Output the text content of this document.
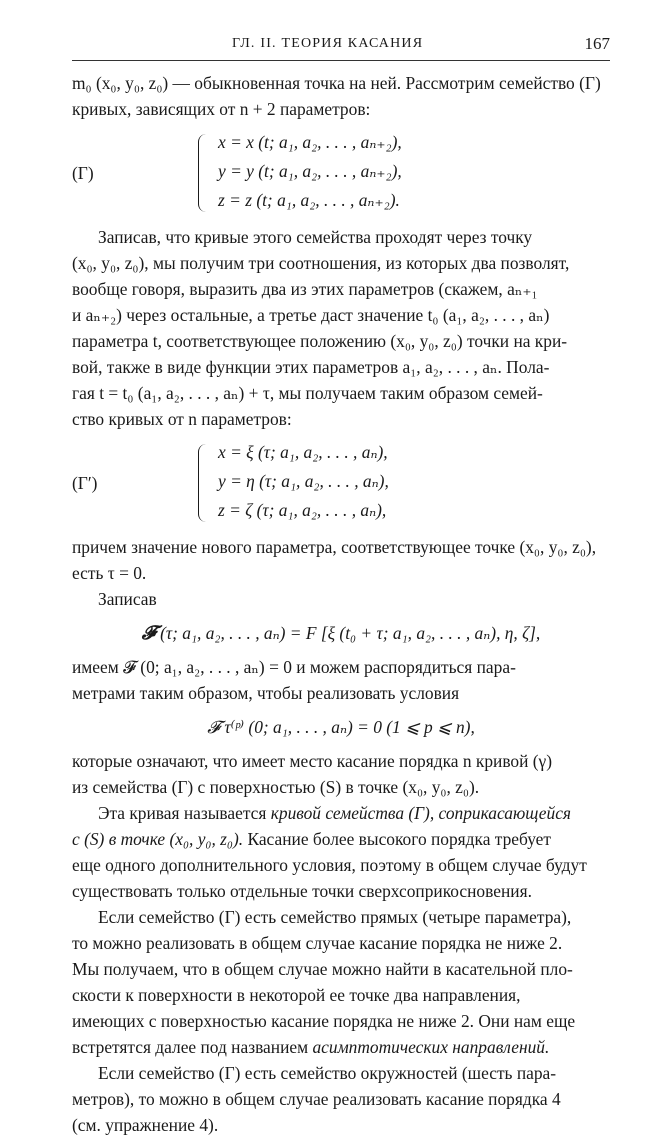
ГЛ. II. ТЕОРИЯ КАСАНИЯ	167

m₀ (x₀, y₀, z₀) — обыкновенная точка на ней. Рассмотрим семейство (Γ)
кривых, зависящих от n + 2 параметров:

(Γ)
x = x (t; a₁, a₂, . . . , aₙ₊₂),
y = y (t; a₁, a₂, . . . , aₙ₊₂),
z = z (t; a₁, a₂, . . . , aₙ₊₂).

Записав, что кривые этого семейства проходят через точку
(x₀, y₀, z₀), мы получим три соотношения, из которых два позволят,
вообще говоря, выразить два из этих параметров (скажем, aₙ₊₁
и aₙ₊₂) через остальные, а третье даст значение t₀ (a₁, a₂, . . . , aₙ)
параметра t, соответствующее положению (x₀, y₀, z₀) точки на кри-
вой, также в виде функции этих параметров a₁, a₂, . . . , aₙ. Пола-
гая t = t₀ (a₁, a₂, . . . , aₙ) + τ, мы получаем таким образом семей-
ство кривых от n параметров:

(Γ′)
x = ξ (τ; a₁, a₂, . . . , aₙ),
y = η (τ; a₁, a₂, . . . , aₙ),
z = ζ (τ; a₁, a₂, . . . , aₙ),

причем значение нового параметра, соответствующее точке (x₀, y₀, z₀),
есть τ = 0.

Записав

𝓕 (τ; a₁, a₂, . . . , aₙ) = F [ξ (t₀ + τ; a₁, a₂, . . . , aₙ), η, ζ],

имеем 𝓕 (0; a₁, a₂, . . . , aₙ) = 0 и можем распорядиться пара-
метрами таким образом, чтобы реализовать условия

𝓕 τ⁽ᵖ⁾ (0; a₁, . . . , aₙ) = 0 (1 ⩽ p ⩽ n),

которые означают, что имеет место касание порядка n кривой (γ)
из семейства (Γ) с поверхностью (S) в точке (x₀, y₀, z₀).

Эта кривая называется кривой семейства (Γ), соприкасающейся
с (S) в точке (x₀, y₀, z₀). Касание более высокого порядка требует
еще одного дополнительного условия, поэтому в общем случае будут
существовать только отдельные точки сверхсоприкосновения.

Если семейство (Γ) есть семейство прямых (четыре параметра),
то можно реализовать в общем случае касание порядка не ниже 2.
Мы получаем, что в общем случае можно найти в касательной пло-
скости к поверхности в некоторой ее точке два направления,
имеющих с поверхностью касание порядка не ниже 2. Они нам еще
встретятся далее под названием асимптотических направлений.

Если семейство (Γ) есть семейство окружностей (шесть пара-
метров), то можно в общем случае реализовать касание порядка 4
(см. упражнение 4).
